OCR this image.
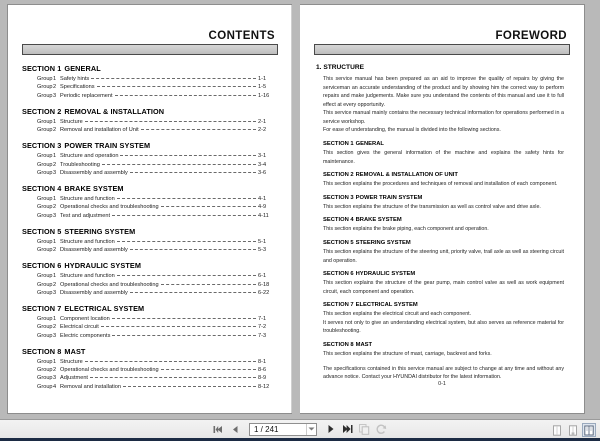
CONTENTS
SECTION 1 GENERAL
Group 1 Safety hints	1-1
Group 2 Specifications	1-5
Group 3 Periodic replacement	1-16
SECTION 2 REMOVAL & INSTALLATION
Group 1 Structure	2-1
Group 2 Removal and installation of Unit	2-2
SECTION 3 POWER TRAIN SYSTEM
Group 1 Structure and operation	3-1
Group 2 Troubleshooting	3-4
Group 3 Disassembly and assembly	3-6
SECTION 4 BRAKE SYSTEM
Group 1 Structure and function	4-1
Group 2 Operational checks and troubleshooting	4-9
Group 3 Test and adjustment	4-11
SECTION 5 STEERING SYSTEM
Group 1 Structure and function	5-1
Group 2 Disassembly and assembly	5-3
SECTION 6 HYDRAULIC SYSTEM
Group 1 Structure and function	6-1
Group 2 Operational checks and troubleshooting	6-18
Group 3 Disassembly and assembly	6-22
SECTION 7 ELECTRICAL SYSTEM
Group 1 Component location	7-1
Group 2 Electrical circuit	7-2
Group 3 Electric components	7-3
SECTION 8 MAST
Group 1 Structure	8-1
Group 2 Operational checks and troubleshooting	8-6
Group 3 Adjustment	8-9
Group 4 Removal and installation	8-12
FOREWORD
1. STRUCTURE
This service manual has been prepared as an aid to improve the quality of repairs by giving the serviceman an accurate understanding of the product and by showing him the correct way to perform repairs and make judgements. Make sure you understand the contents of this manual and use it to full effect at every opportunity.
This service manual mainly contains the necessary technical information for operations performed in a service workshop.
For ease of understanding, the manual is divided into the following sections.
SECTION 1 GENERAL
This section gives the general information of the machine and explains the safety hints for maintenance.
SECTION 2 REMOVAL & INSTALLATION OF UNIT
This section explains the procedures and techniques of removal and installation of each component.
SECTION 3 POWER TRAIN SYSTEM
This section explains the structure of the transmission as well as control valve and drive axle.
SECTION 4 BRAKE SYSTEM
This section explains the brake piping, each component and operation.
SECTION 5 STEERING SYSTEM
This section explains the structure of the steering unit, priority valve, trail axle as well as steering circuit and operation.
SECTION 6 HYDRAULIC SYSTEM
This section explains the structure of the gear pump, main control valve as well as work equipment circuit, each component and operation.
SECTION 7 ELECTRICAL SYSTEM
This section explains the electrical circuit and each component.
It serves not only to give an understanding electrical system, but also serves as reference material for troubleshooting.
SECTION 8 MAST
This section explains the structure of mast, carriage, backrest and forks.
The specifications contained in this service manual are subject to change at any time and without any advance notice. Contact your HYUNDAI distributor for the latest information.
0-1
1 / 241
